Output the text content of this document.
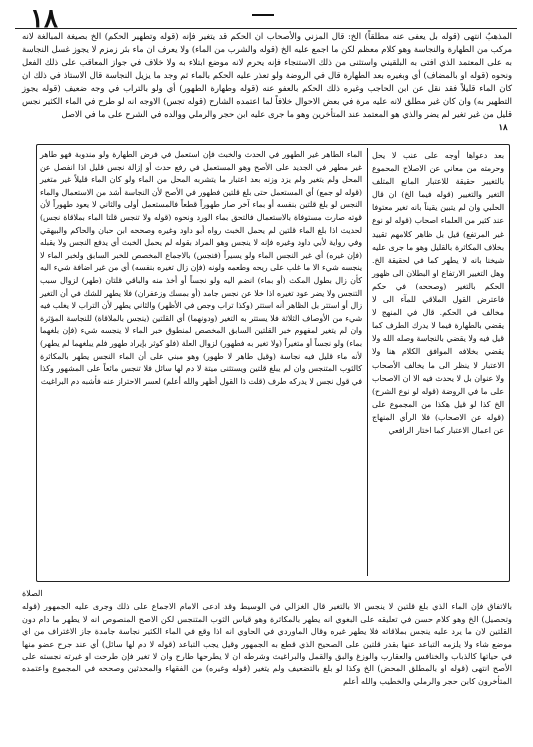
١٨

المذهبُ انتهى (قوله بل يعفى عنه مطلقاً) الخ: قال المزني والأصحاب ان الحكم قد يتغير فإنه (قوله وتطهير الحكم) الخ بصيغة المبالغة لانه مركب من الطهارة والنجاسة وهو كلام معظم لكن ما اجمع عليه الخ (قوله والشرب من الماء) ولا يعرف ان ماء بئر زمزم لا يجوز غسل النجاسة به على المعتمد الذي افتى به البلقيني واستثنى من ذلك الاستنجاء فإنه يحرم لانه موضع ابتلاء به ولا خلاف في جواز المعاقب على ذلك الفعل ونحوه (قوله او بالمضاف) أي وبغيره بعد الطهارة قال في الروضة ولو تعذر عليه الحكم بالماء ثم وجد ما يزيل النجاسة قال الاستاذ في ذلك ان كان الماء قليلاً فقد نقل عن ابن الحاجب وغيره ذلك الحكم بالعفو عنه (قوله وطهارة الطهور) أي ولو بالتراب في وجه ضعيف (قوله يجوز التطهير به) وان كان غير مطلق لانه عليه مرة في بعض الاحوال خلافاً لما اعتمده الشارح (قوله تجس) الاوجه انه لو طرح في الماء الكثير نجس قليل من غير تغير لم يضر والذي هو المعتمد عند المتأخرين وهو ما جرى عليه ابن حجر والرملي ووالده في الشرح على ما في الاصل

١٨

الماء الطاهر غير الطهور في الحدث والخبث فإن استعمل في فرض الطهارة ولو مندوبة فهو طاهر غير مطهر في الجديد على الأصح وهو المستعمل في رفع حدث أو إزالة نجس قليل اذا انفصل عن المحل ولم يتغير ولم يزد وزنه بعد اعتبار ما يتشربه المحل من الماء ولو كان الماء قليلاً غير متغير (قوله لو جمع) أي المستعمل حتى بلغ قلتين فطهور في الأصح لأن النجاسة أشد من الاستعمال والماء النجس لو بلغ قلتين بنفسه أو بماء آخر صار طهوراً قطعاً فالمستعمل أولى والثاني لا يعود طهوراً لأن قوته صارت مستوفاة بالاستعمال فالتحق بماء الورد ونحوه (قوله ولا تنجس قلتا الماء بملاقاة نجس) لحديث اذا بلغ الماء قلتين لم يحمل الخبث رواه أبو داود وغيره وصححه ابن حبان والحاكم والبيهقي وفي رواية لأبي داود وغيره فإنه لا ينجس وهو المراد بقوله لم يحمل الخبث أي يدفع النجس ولا يقبله (فإن غيره) أي غير النجس الماء ولو يسيراً (فنجس) بالاجماع المخصص للخبر السابق ولخبر الماء لا ينجسه شيء الا ما غلب على ريحه وطعمه ولونه (فإن زال تغيره بنفسه) أي من غير اضافة شيء اليه كأن زال بطول المكث (أو بماء) انضم اليه ولو نجساً أو أخذ منه والباقي قلتان (طهر) لزوال سبب التنجس ولا يضر عود تغيره اذا خلا عن نجس جامد (أو بمسك وزعفران) فلا يطهر للشك في أن التغير زال أو استتر بل الظاهر أنه استتر (وكذا تراب وجص في الأظهر) والثاني يطهر لأن التراب لا يغلب فيه شيء من الأوصاف الثلاثة فلا يستتر به التغير (ودونهما) أي القلتين (ينجس بالملاقاة) للنجاسة المؤثرة وان لم يتغير لمفهوم خبر القلتين السابق المخصص لمنطوق خبر الماء لا ينجسه شيء (فإن بلغهما بماء) ولو نجساً أو متغيراً (ولا تغير به فطهور) لزوال العلة (فلو كوثر بإيراد طهور فلم يبلغهما لم يطهر) لأنه ماء قليل فيه نجاسة (وقيل طاهر لا طهور) وهو مبني على أن الماء النجس يطهر بالمكاثرة كالثوب المتنجس وان لم يبلغ قلتين ويستثنى ميتة لا دم لها سائل فلا تنجس مائعاً على المشهور وكذا في قول نجس لا يدركه طرف (قلت ذا القول أظهر والله أعلم) لعسر الاحتراز عنه فأشبه دم البراغيث

بعد دعواها أوجه على عنب لا يحل وحرمته من معاني عن الاصلاح المحموع بالتغيير حقيقة للاعتبار المانع المتلف التغير والتغيير (قوله فيما الخ) ان قال الحلبي وان لم يتبين يقيناً بانه تغير معتوفا عند كثير من العلماء اصحاب (قوله لو نوع غير المرتفع) قيل بل ظاهر كلامهم تقييد بخلاف المكاثرة بالقليل وهو ما جرى عليه شيخنا بانه لا يطهر كما في لحقيقة الخ. وهل التغيير الارتفاع او البطلان الى ظهور الحكم بالتغير (وصححه) في حكم فاعترض القول الملاقي للمآء الى لا مخالف في الحكم. قال في المنهج لا يقضي بالطهارة فيما لا يدرك الطرف كما قيل فيه ولا يقضي بالنجاسة وصله الله ولا يقضي بخلافه الموافق الكلام هنا ولا الاعتبار لا ينظر الى ما يخالف الأصحاب ولا عنوان بل لا يحدث فيه الا ان الاصحاب على ما في الروضة (قوله لو نوع الشرح) الخ كذا لو قيل هكذا من المجموع على (قوله عن الاصحاب) فلا الرأي المنهاج عن اعمال الاعتبار كما اختار الرافعي

الصلاة

بالاتفاق فإن الماء الذي بلغ قلتين لا ينجس الا بالتغير قال الغزالي في الوسيط وقد ادعى الامام الاجماع على ذلك وجرى عليه الجمهور (قوله وتحصيل) الخ وهو كلام حسن في تعليقه على البغوي انه يطهر بالمكاثرة وهو قياس الثوب المتنجس لكن الاصح المنصوص انه لا يطهر ما دام دون القلتين لان ما يرد عليه ينجس بملاقاته فلا يطهر غيره وقال الماوردي في الحاوي انه اذا وقع في الماء الكثير نجاسة جامدة جاز الاغتراف من اي موضع شاء ولا يلزمه التباعد عنها بقدر قلتين على الصحيح الذي قطع به الجمهور وقيل يجب التباعد (قوله لا دم لها سائل) أي عند جرح عضو منها في حياتها كالذباب والخنافس والعقارب والوزغ والبق والقمل والبراغيث وشرطه ان لا يطرحها طارح وان لا تغير فإن طرحت او غيرته نجسته على الأصح انتهى (قوله او بالمطلق المحض) الخ وكذا لو بلغ بالتضعيف ولم يتغير (قوله وغيره) من الفقهاء والمحدثين وصححه في المجموع واعتمده المتأخرون كابن حجر والرملي والخطيب والله أعلم
